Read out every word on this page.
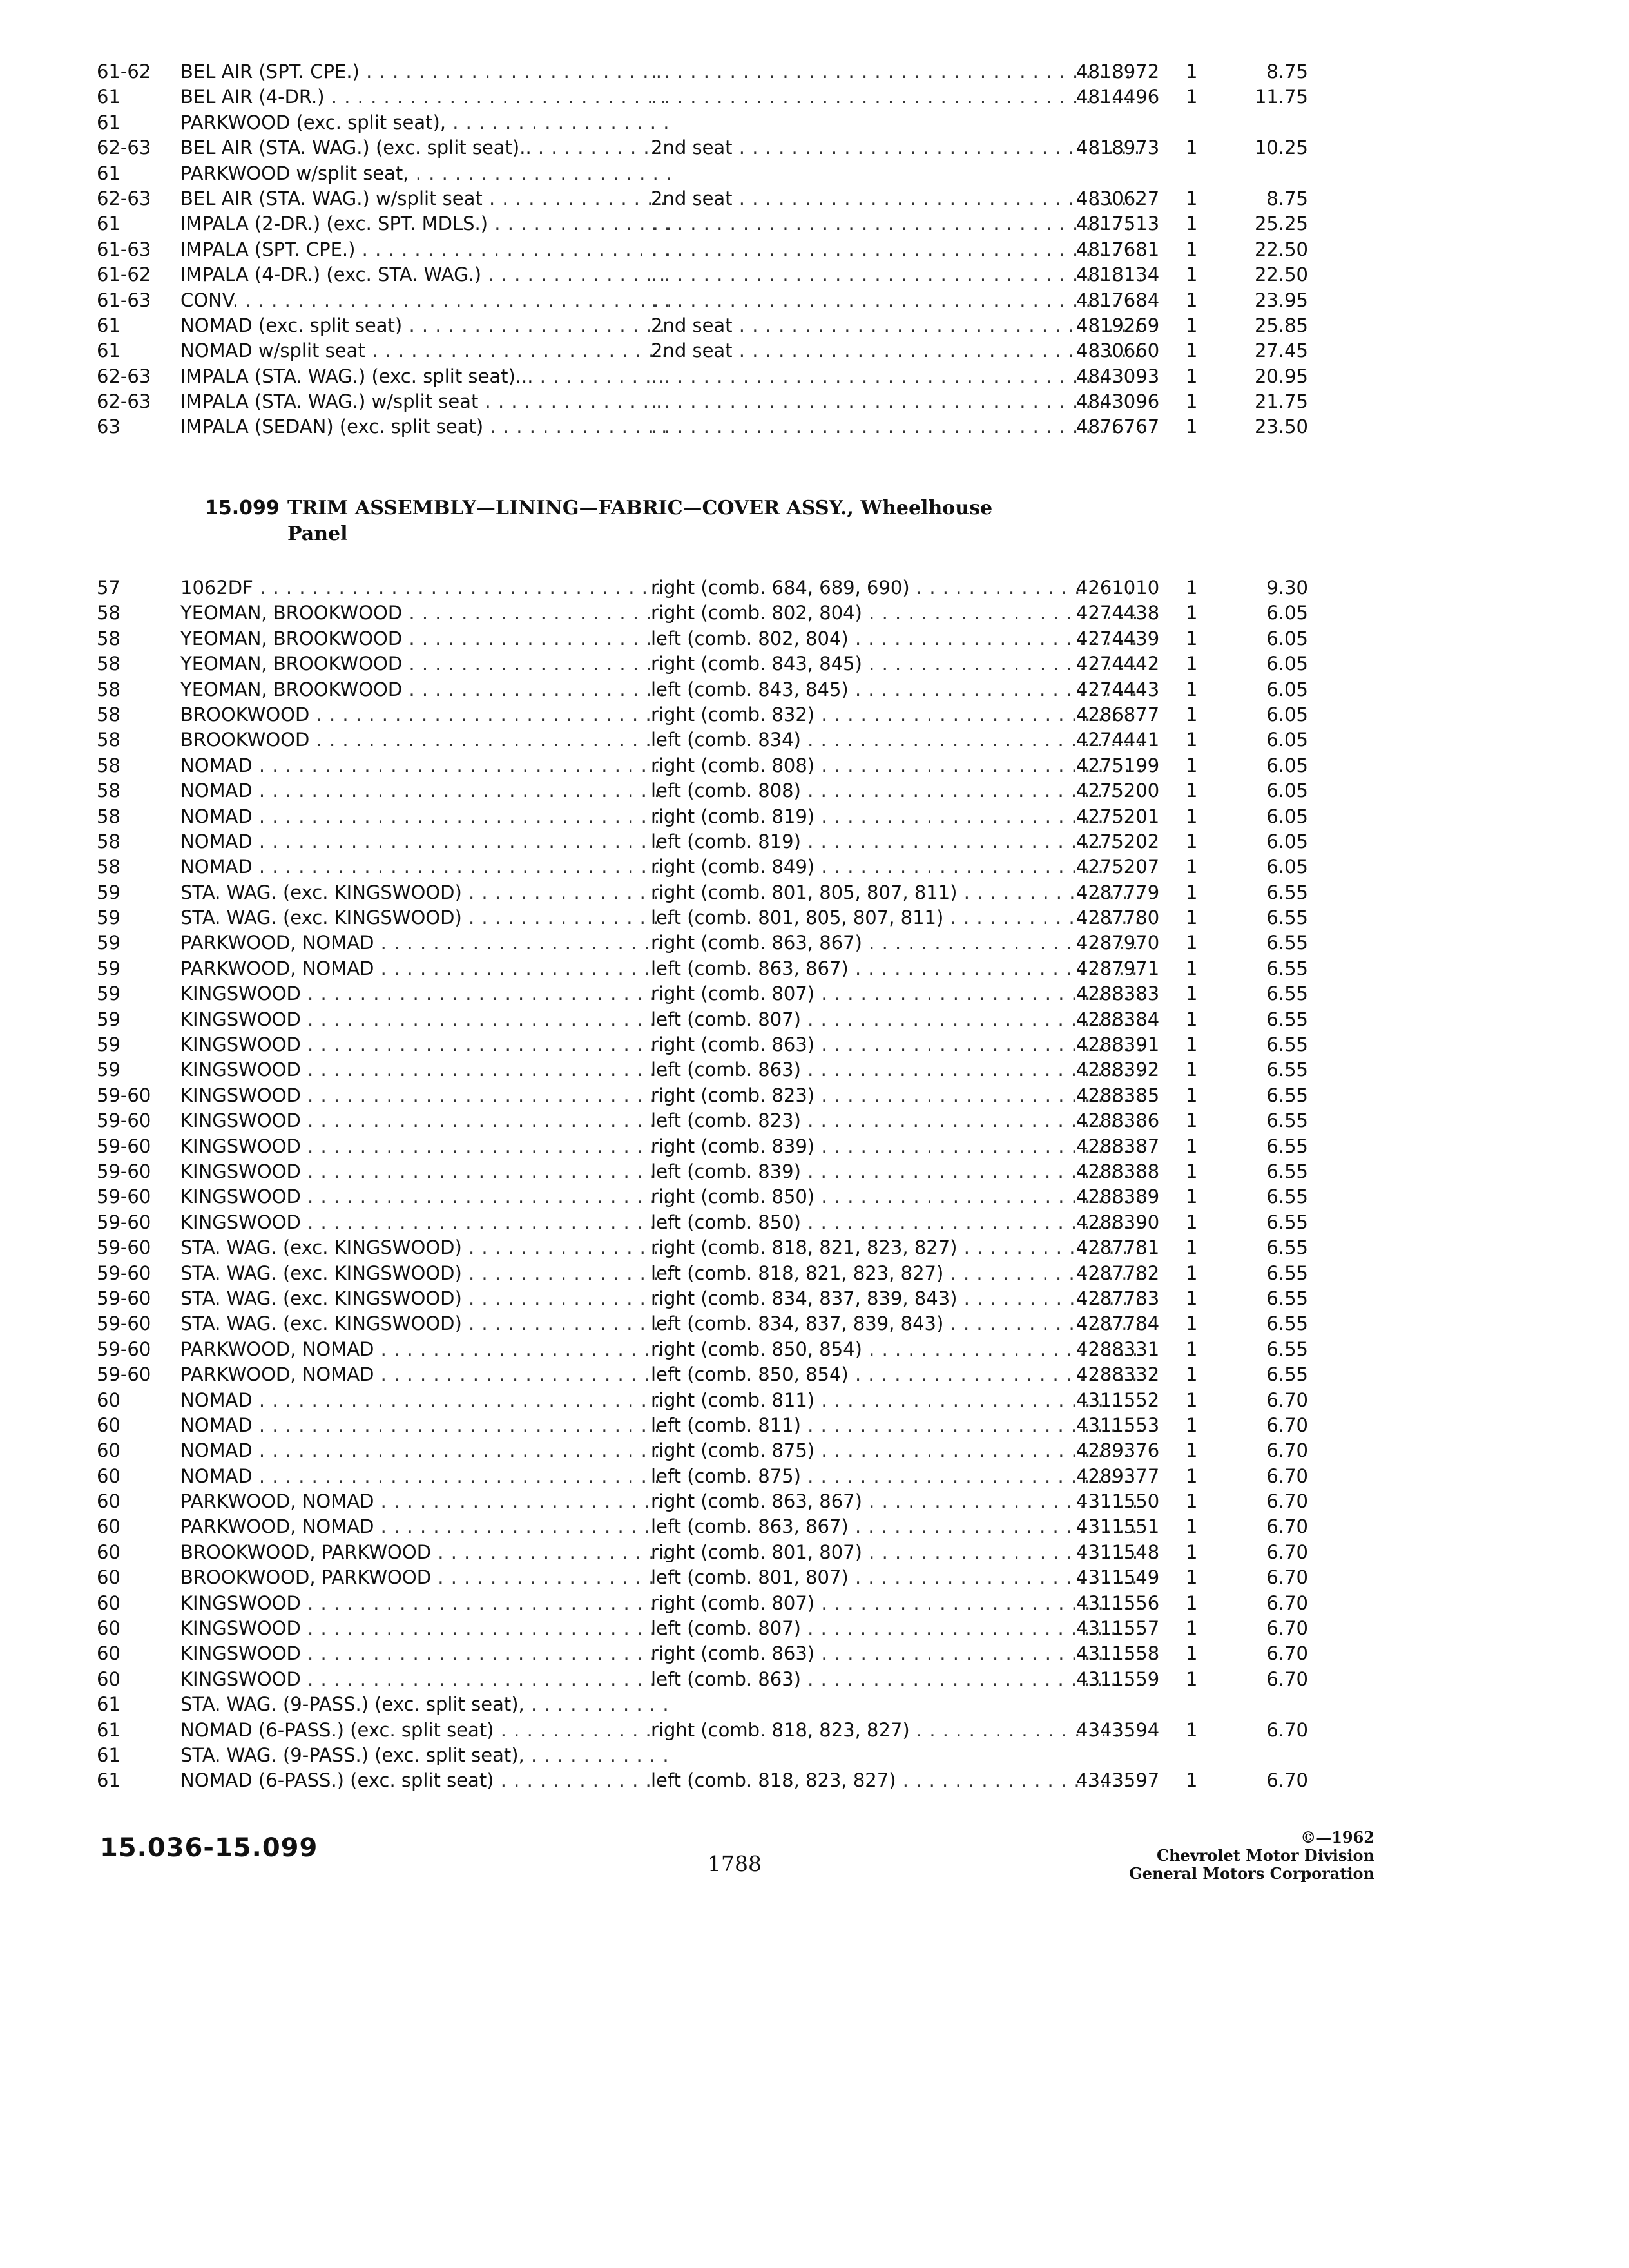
61-62	BEL AIR (SPT. CPE.) . . . . . .	4818972	1	8.75
61	BEL AIR (4-DR.) . . . . . .	4814496	1	11.75
61	PARKWOOD (exc. split seat), . . .
62-63	BEL AIR (STA. WAG.) (exc. split seat).. . . .	2nd seat . . .	4818973	1	10.25
61	PARKWOOD w/split seat, . . .
62-63	BEL AIR (STA. WAG.) w/split seat . . .	2nd seat . . .	4830627	1	8.75
61	IMPALA (2-DR.) (exc. SPT. MDLS.) . . . . . .	4817513	1	25.25
61-63	IMPALA (SPT. CPE.) . . . . . .	4817681	1	22.50
61-62	IMPALA (4-DR.) (exc. STA. WAG.) . . . . . .	4818134	1	22.50
61-63	CONV. . . . . . .	4817684	1	23.95
61	NOMAD (exc. split seat) . . .	2nd seat . . .	4819269	1	25.85
61	NOMAD w/split seat . . .	2nd seat . . .	4830660	1	27.45
62-63	IMPALA (STA. WAG.) (exc. split seat)... . . . . . .	4843093	1	20.95
62-63	IMPALA (STA. WAG.) w/split seat . . . . . .	4843096	1	21.75
63	IMPALA (SEDAN) (exc. split seat) . . . . . .	4876767	1	23.50
15.099 TRIM ASSEMBLY—LINING—FABRIC—COVER ASSY., Wheelhouse
Panel
57	1062DF . . .	right (comb. 684, 689, 690) . . .	4261010	1	9.30
58	YEOMAN, BROOKWOOD . . .	right (comb. 802, 804) . . .	4274438	1	6.05
58	YEOMAN, BROOKWOOD . . .	left (comb. 802, 804) . . .	4274439	1	6.05
58	YEOMAN, BROOKWOOD . . .	right (comb. 843, 845) . . .	4274442	1	6.05
58	YEOMAN, BROOKWOOD . . .	left (comb. 843, 845) . . .	4274443	1	6.05
58	BROOKWOOD . . .	right (comb. 832) . . .	4286877	1	6.05
58	BROOKWOOD . . .	left (comb. 834) . . .	4274441	1	6.05
58	NOMAD . . .	right (comb. 808) . . .	4275199	1	6.05
58	NOMAD . . .	left (comb. 808) . . .	4275200	1	6.05
58	NOMAD . . .	right (comb. 819) . . .	4275201	1	6.05
58	NOMAD . . .	left (comb. 819) . . .	4275202	1	6.05
58	NOMAD . . .	right (comb. 849) . . .	4275207	1	6.05
59	STA. WAG. (exc. KINGSWOOD) . . .	right (comb. 801, 805, 807, 811) . . .	4287779	1	6.55
59	STA. WAG. (exc. KINGSWOOD) . . .	left (comb. 801, 805, 807, 811) . . .	4287780	1	6.55
59	PARKWOOD, NOMAD . . .	right (comb. 863, 867) . . .	4287970	1	6.55
59	PARKWOOD, NOMAD . . .	left (comb. 863, 867) . . .	4287971	1	6.55
59	KINGSWOOD . . .	right (comb. 807) . . .	4288383	1	6.55
59	KINGSWOOD . . .	left (comb. 807) . . .	4288384	1	6.55
59	KINGSWOOD . . .	right (comb. 863) . . .	4288391	1	6.55
59	KINGSWOOD . . .	left (comb. 863) . . .	4288392	1	6.55
59-60	KINGSWOOD . . .	right (comb. 823) . . .	4288385	1	6.55
59-60	KINGSWOOD . . .	left (comb. 823) . . .	4288386	1	6.55
59-60	KINGSWOOD . . .	right (comb. 839) . . .	4288387	1	6.55
59-60	KINGSWOOD . . .	left (comb. 839) . . .	4288388	1	6.55
59-60	KINGSWOOD . . .	right (comb. 850) . . .	4288389	1	6.55
59-60	KINGSWOOD . . .	left (comb. 850) . . .	4288390	1	6.55
59-60	STA. WAG. (exc. KINGSWOOD) . . .	right (comb. 818, 821, 823, 827) . . .	4287781	1	6.55
59-60	STA. WAG. (exc. KINGSWOOD) . . .	left (comb. 818, 821, 823, 827) . . .	4287782	1	6.55
59-60	STA. WAG. (exc. KINGSWOOD) . . .	right (comb. 834, 837, 839, 843) . . .	4287783	1	6.55
59-60	STA. WAG. (exc. KINGSWOOD) . . .	left (comb. 834, 837, 839, 843) . . .	4287784	1	6.55
59-60	PARKWOOD, NOMAD . . .	right (comb. 850, 854) . . .	4288331	1	6.55
59-60	PARKWOOD, NOMAD . . .	left (comb. 850, 854) . . .	4288332	1	6.55
60	NOMAD . . .	right (comb. 811) . . .	4311552	1	6.70
60	NOMAD . . .	left (comb. 811) . . .	4311553	1	6.70
60	NOMAD . . .	right (comb. 875) . . .	4289376	1	6.70
60	NOMAD . . .	left (comb. 875) . . .	4289377	1	6.70
60	PARKWOOD, NOMAD . . .	right (comb. 863, 867) . . .	4311550	1	6.70
60	PARKWOOD, NOMAD . . .	left (comb. 863, 867) . . .	4311551	1	6.70
60	BROOKWOOD, PARKWOOD . . .	right (comb. 801, 807) . . .	4311548	1	6.70
60	BROOKWOOD, PARKWOOD . . .	left (comb. 801, 807) . . .	4311549	1	6.70
60	KINGSWOOD . . .	right (comb. 807) . . .	4311556	1	6.70
60	KINGSWOOD . . .	left (comb. 807) . . .	4311557	1	6.70
60	KINGSWOOD . . .	right (comb. 863) . . .	4311558	1	6.70
60	KINGSWOOD . . .	left (comb. 863) . . .	4311559	1	6.70
61	STA. WAG. (9-PASS.) (exc. split seat), . . .
61	NOMAD (6-PASS.) (exc. split seat) . . .	right (comb. 818, 823, 827) . . .	4343594	1	6.70
61	STA. WAG. (9-PASS.) (exc. split seat), . . .
61	NOMAD (6-PASS.) (exc. split seat) . . .	left (comb. 818, 823, 827) . . .	4343597	1	6.70
15.036-15.099
1788
©—1962
Chevrolet Motor Division
General Motors Corporation
